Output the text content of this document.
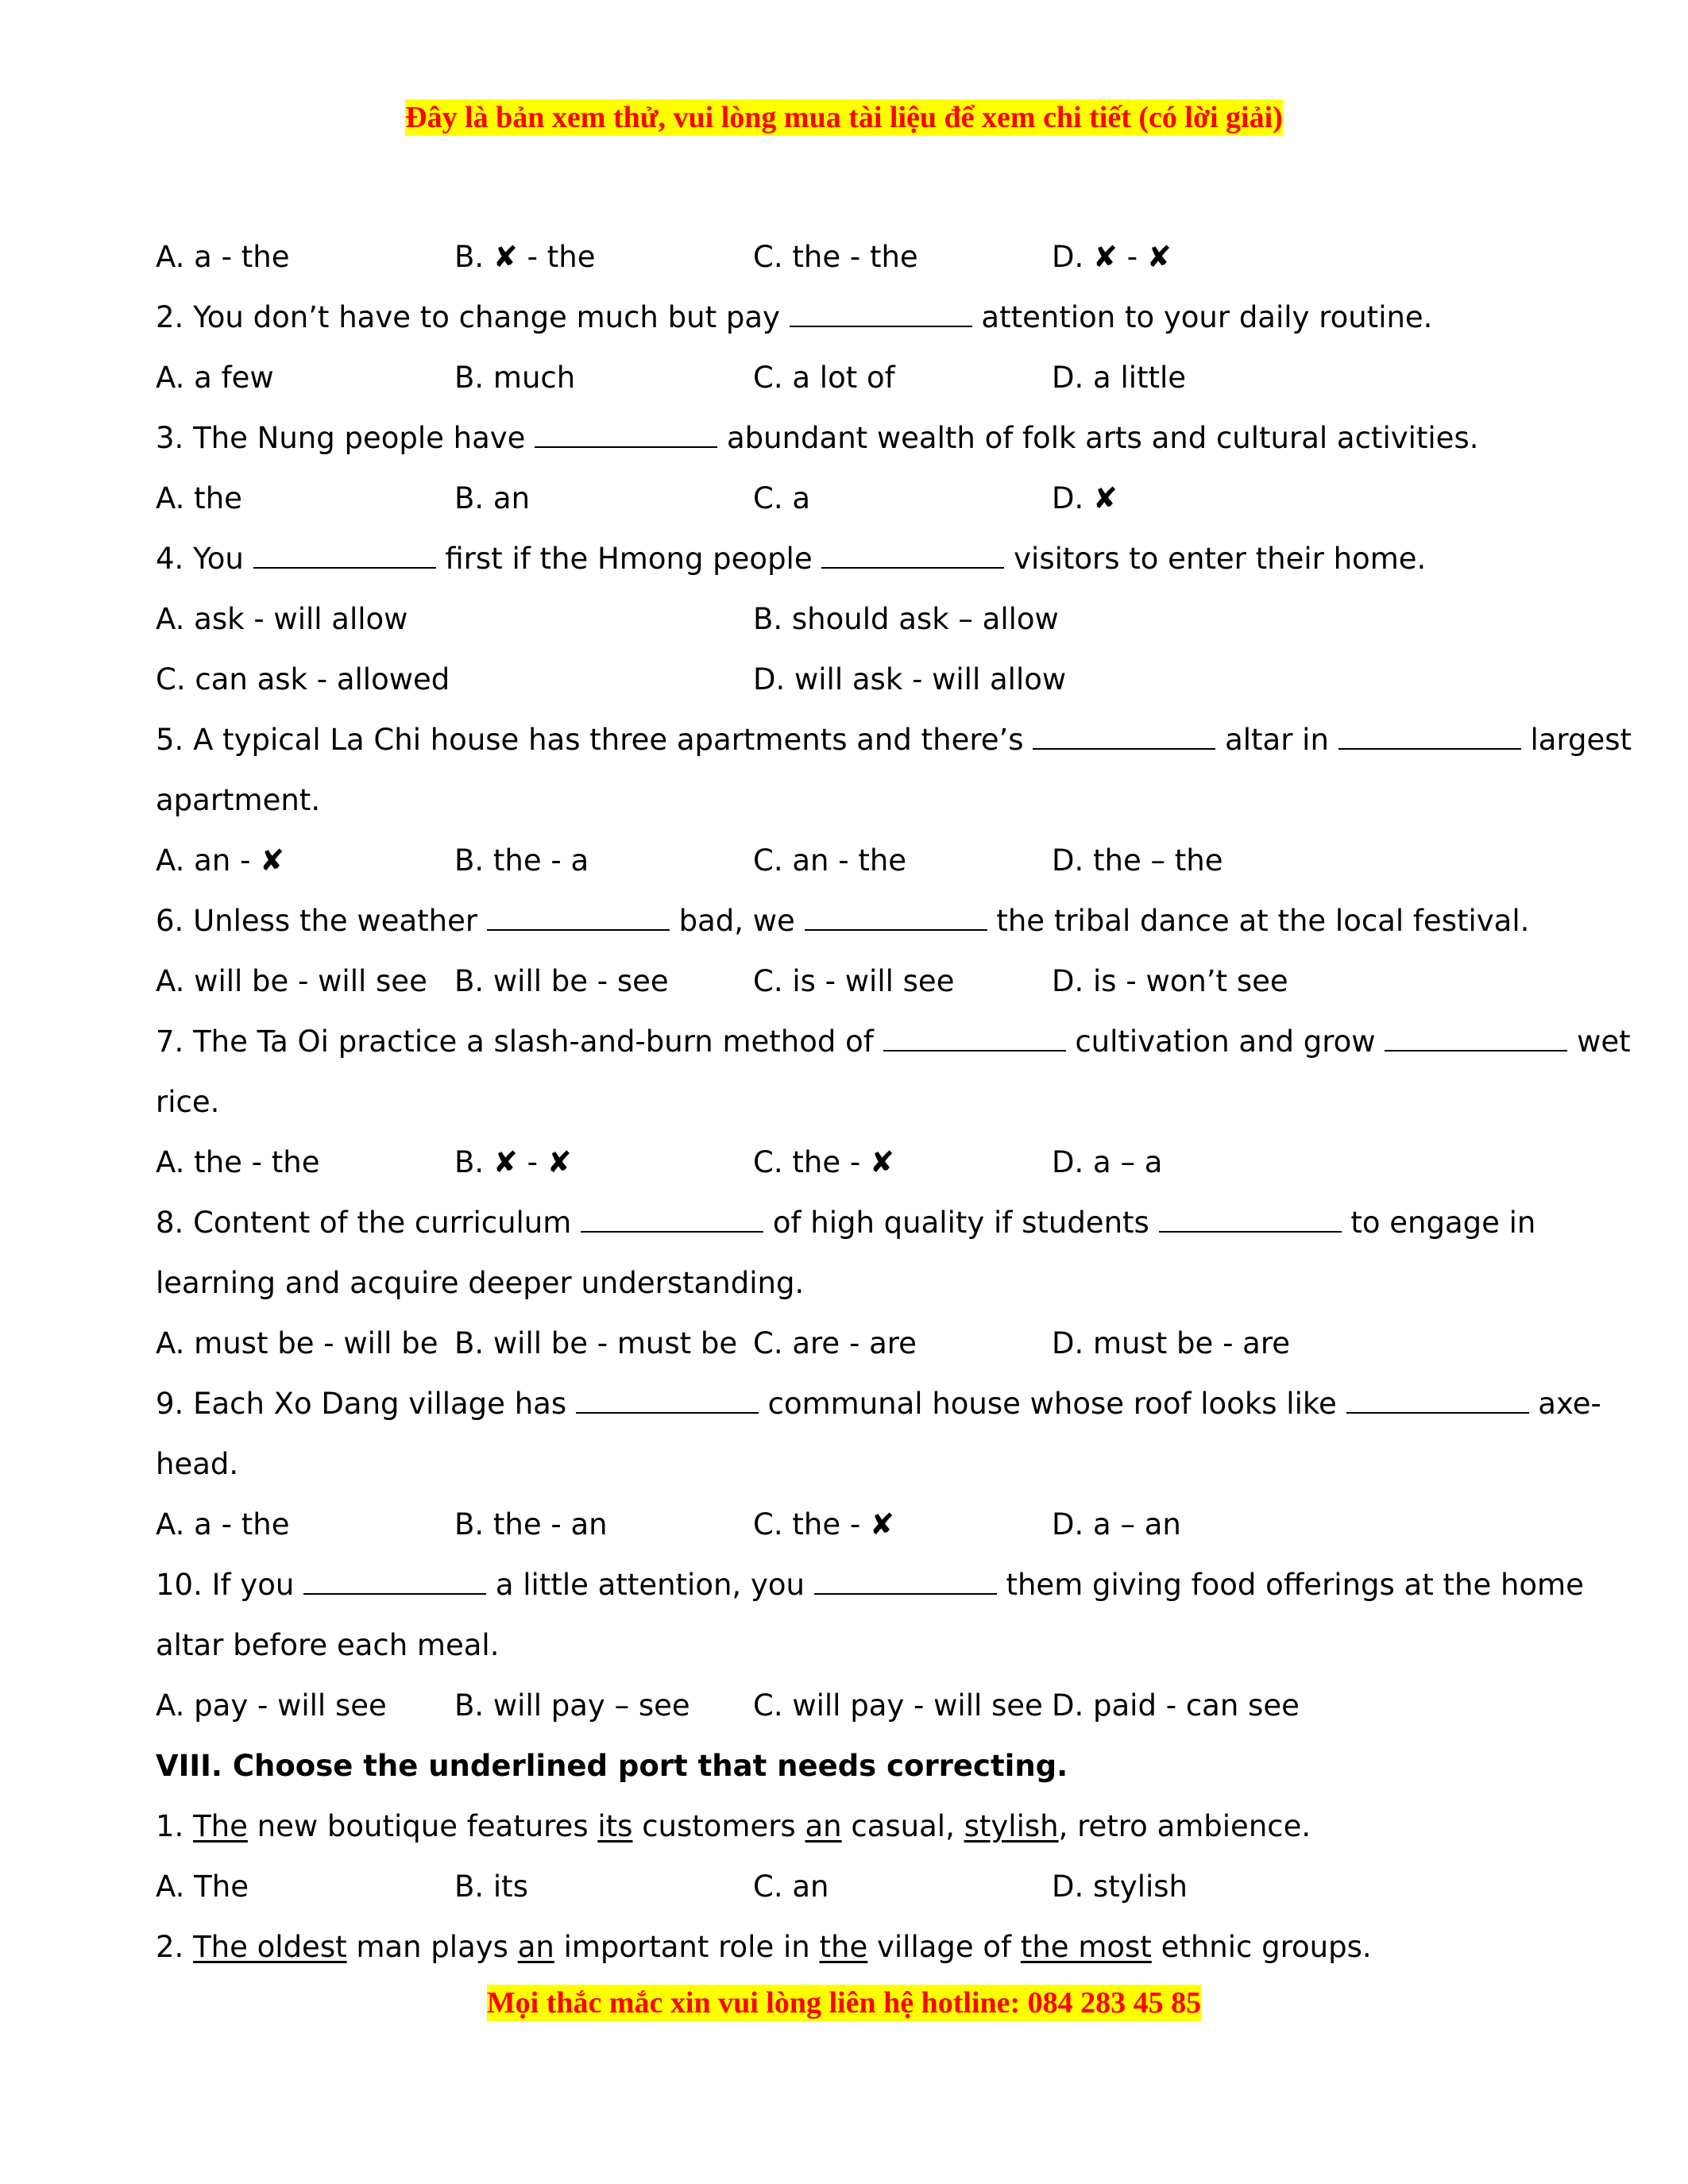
Đây là bản xem thử, vui lòng mua tài liệu để xem chi tiết (có lời giải)
A. a - the	B. ✘ - the	C. the - the	D. ✘ - ✘
2. You don’t have to change much but pay	attention to your daily routine.
A. a few	B. much	C. a lot of	D. a little
3. The Nung people have	abundant wealth of folk arts and cultural activities.
A. the	B. an	C. a	D. ✘
4. You	first if the Hmong people	visitors to enter their home.
A. ask - will allow	B. should ask – allow
C. can ask - allowed	D. will ask - will allow
5. A typical La Chi house has three apartments and there’s	altar in	largest
apartment.
A. an - ✘	B. the - a	C. an - the	D. the – the
6. Unless the weather	bad, we	the tribal dance at the local festival.
A. will be - will see B. will be - see	C. is - will see	D. is - won’t see
7. The Ta Oi practice a slash-and-burn method of	cultivation and grow	wet
rice.
A. the - the	B. ✘ - ✘	C. the - ✘	D. a – a
8. Content of the curriculum	of high quality if students	to engage in
learning and acquire deeper understanding.
A. must be - will be B. will be - must be C. are - are	D. must be - are
9. Each Xo Dang village has	communal house whose roof looks like	axe-
head.
A. a - the	B. the - an	C. the - ✘	D. a – an
10. If you	a little attention, you	them giving food offerings at the home
altar before each meal.
A. pay - will see B. will pay – see C. will pay - will see D. paid - can see
VIII. Choose the underlined port that needs correcting.
1. The new boutique features its customers an casual, stylish, retro ambience.
A. The	B. its	C. an	D. stylish
2. The oldest man plays an important role in the village of the most ethnic groups.
Mọi thắc mắc xin vui lòng liên hệ hotline: 084 283 45 85
